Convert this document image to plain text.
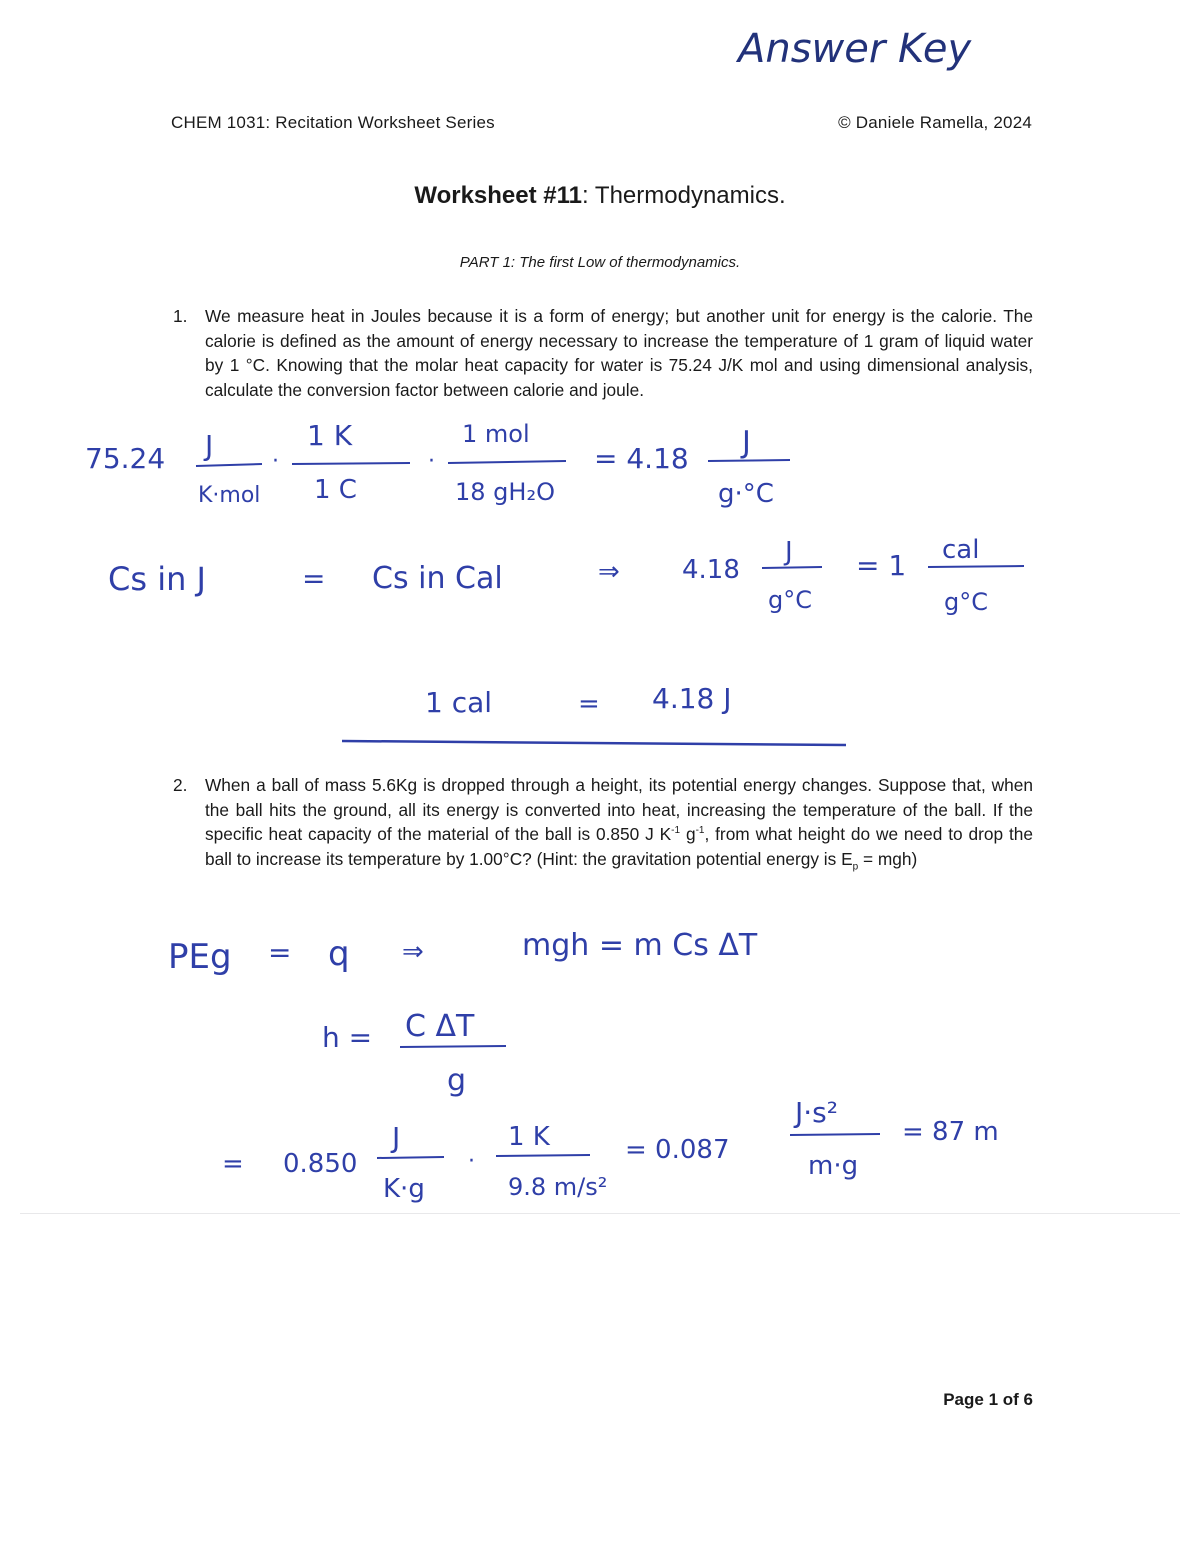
Answer Key
CHEM 1031: Recitation Worksheet Series	© Daniele Ramella, 2024
Worksheet #11: Thermodynamics.
PART 1: The first Low of thermodynamics.
1. We measure heat in Joules because it is a form of energy; but another unit for energy is the calorie. The calorie is defined as the amount of energy necessary to increase the temperature of 1 gram of liquid water by 1 °C. Knowing that the molar heat capacity for water is 75.24 J/K mol and using dimensional analysis, calculate the conversion factor between calorie and joule.
2. When a ball of mass 5.6Kg is dropped through a height, its potential energy changes. Suppose that, when the ball hits the ground, all its energy is converted into heat, increasing the temperature of the ball. If the specific heat capacity of the material of the ball is 0.850 J $K^{-1}$ $g^{-1}$, from what height do we need to drop the ball to increase its temperature by 1.00°C? (Hint: the gravitation potential energy is $E_p = mgh$)
75.24 J
K·mol
·
1 K
1 C
·
1 mol
18 gH₂O
= 4.18 J
g·°C
Cs in J	= Cs in Cal	⇒ 4.18
J
g°C
= 1 cal
g°C
1 cal	= 4.18 J
PEg = q ⇒	mgh = m Cs ΔT
h = C ΔT
g
= 0.850
J
K·g
·
1 K
9.8 m/s²
= 0.087
J·s²
m·g
= 87 m
Page 1 of 6
